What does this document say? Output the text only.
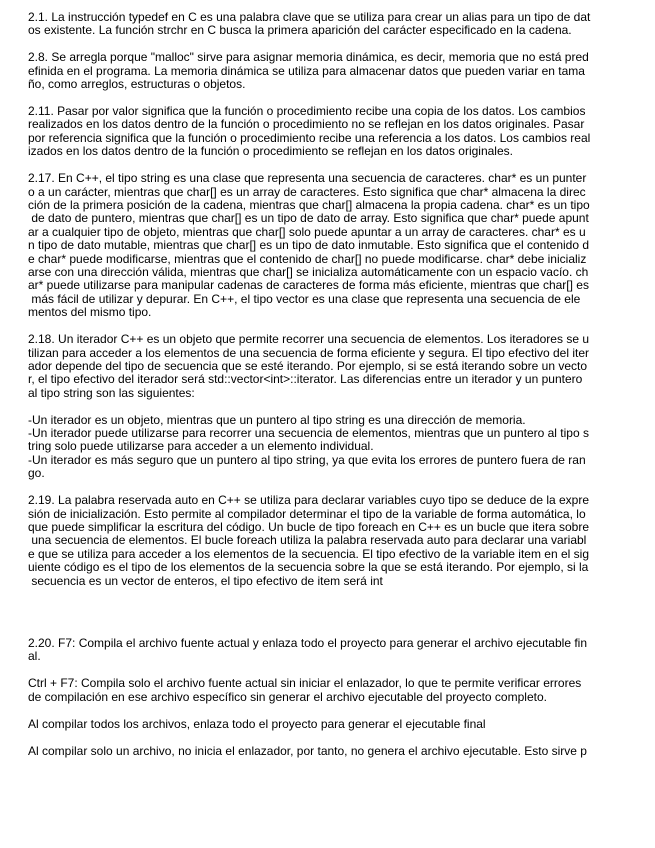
2.1. La instrucción typedef en C es una palabra clave que se utiliza para crear un alias para un tipo de dat
os existente. La función strchr en C busca la primera aparición del carácter especificado en la cadena.
2.8. Se arregla porque "malloc" sirve para asignar memoria dinámica, es decir, memoria que no está pred
efinida en el programa. La memoria dinámica se utiliza para almacenar datos que pueden variar en tama
ño, como arreglos, estructuras o objetos.
2.11. Pasar por valor significa que la función o procedimiento recibe una copia de los datos. Los cambios
realizados en los datos dentro de la función o procedimiento no se reflejan en los datos originales. Pasar
por referencia significa que la función o procedimiento recibe una referencia a los datos. Los cambios real
izados en los datos dentro de la función o procedimiento se reflejan en los datos originales.
2.17. En C++, el tipo string es una clase que representa una secuencia de caracteres. char* es un punter
o a un carácter, mientras que char[] es un array de caracteres. Esto significa que char* almacena la direc
ción de la primera posición de la cadena, mientras que char[] almacena la propia cadena. char* es un tipo
de dato de puntero, mientras que char[] es un tipo de dato de array. Esto significa que char* puede apunt
ar a cualquier tipo de objeto, mientras que char[] solo puede apuntar a un array de caracteres. char* es u
n tipo de dato mutable, mientras que char[] es un tipo de dato inmutable. Esto significa que el contenido d
e char* puede modificarse, mientras que el contenido de char[] no puede modificarse. char* debe inicializ
arse con una dirección válida, mientras que char[] se inicializa automáticamente con un espacio vacío. ch
ar* puede utilizarse para manipular cadenas de caracteres de forma más eficiente, mientras que char[] es
más fácil de utilizar y depurar. En C++, el tipo vector es una clase que representa una secuencia de ele
mentos del mismo tipo.
2.18. Un iterador C++ es un objeto que permite recorrer una secuencia de elementos. Los iteradores se u
tilizan para acceder a los elementos de una secuencia de forma eficiente y segura. El tipo efectivo del iter
ador depende del tipo de secuencia que se esté iterando. Por ejemplo, si se está iterando sobre un vecto
r, el tipo efectivo del iterador será std::vector<int>::iterator. Las diferencias entre un iterador y un puntero
al tipo string son las siguientes:
-Un iterador es un objeto, mientras que un puntero al tipo string es una dirección de memoria.
-Un iterador puede utilizarse para recorrer una secuencia de elementos, mientras que un puntero al tipo s
tring solo puede utilizarse para acceder a un elemento individual.
-Un iterador es más seguro que un puntero al tipo string, ya que evita los errores de puntero fuera de ran
go.
2.19. La palabra reservada auto en C++ se utiliza para declarar variables cuyo tipo se deduce de la expre
sión de inicialización. Esto permite al compilador determinar el tipo de la variable de forma automática, lo
que puede simplificar la escritura del código. Un bucle de tipo foreach en C++ es un bucle que itera sobre
una secuencia de elementos. El bucle foreach utiliza la palabra reservada auto para declarar una variabl
e que se utiliza para acceder a los elementos de la secuencia. El tipo efectivo de la variable item en el sig
uiente código es el tipo de los elementos de la secuencia sobre la que se está iterando. Por ejemplo, si la
secuencia es un vector de enteros, el tipo efectivo de item será int
2.20. F7: Compila el archivo fuente actual y enlaza todo el proyecto para generar el archivo ejecutable fin
al.
Ctrl + F7: Compila solo el archivo fuente actual sin iniciar el enlazador, lo que te permite verificar errores
de compilación en ese archivo específico sin generar el archivo ejecutable del proyecto completo.
Al compilar todos los archivos, enlaza todo el proyecto para generar el ejecutable final
Al compilar solo un archivo, no inicia el enlazador, por tanto, no genera el archivo ejecutable. Esto sirve p
